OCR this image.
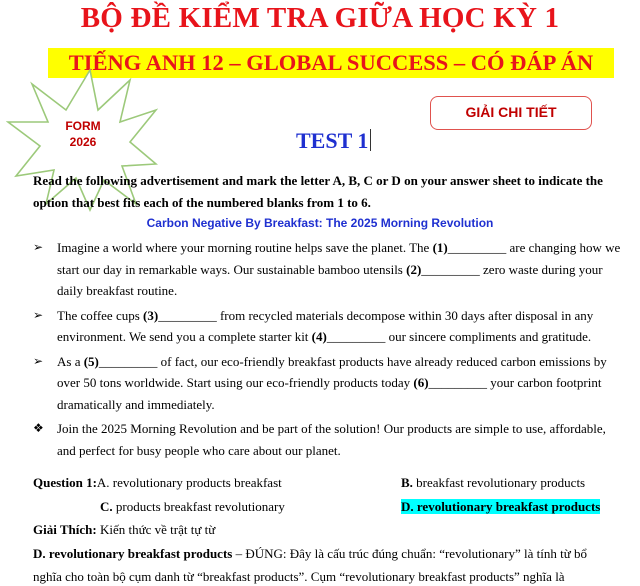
BỘ ĐỀ KIỂM TRA GIỮA HỌC KỲ 1
TIẾNG ANH 12 – GLOBAL SUCCESS – CÓ ĐÁP ÁN
FORM
2026
GIẢI CHI TIẾT
TEST 1
Read the following advertisement and mark the letter A, B, C or D on your answer sheet to indicate the option that best fits each of the numbered blanks from 1 to 6.
Carbon Negative By Breakfast: The 2025 Morning Revolution
➢	Imagine a world where your morning routine helps save the planet. The (1)_________ are changing how we start our day in remarkable ways. Our sustainable bamboo utensils (2)_________ zero waste during your daily breakfast routine.
➢	The coffee cups (3)_________ from recycled materials decompose within 30 days after disposal in any environment. We send you a complete starter kit (4)_________ our sincere compliments and gratitude.
➢	As a (5)_________ of fact, our eco-friendly breakfast products have already reduced carbon emissions by over 50 tons worldwide. Start using our eco-friendly products today (6)_________ your carbon footprint dramatically and immediately.
❖	Join the 2025 Morning Revolution and be part of the solution! Our products are simple to use, affordable, and perfect for busy people who care about our planet.
Question 1:A. revolutionary products breakfast	B. breakfast revolutionary products
C. products breakfast revolutionary	D. revolutionary breakfast products
Giải Thích: Kiến thức về trật tự từ
D. revolutionary breakfast products – ĐÚNG: Đây là cấu trúc đúng chuẩn: “revolutionary” là tính từ bổ
nghĩa cho toàn bộ cụm danh từ “breakfast products”. Cụm “revolutionary breakfast products” nghĩa là
